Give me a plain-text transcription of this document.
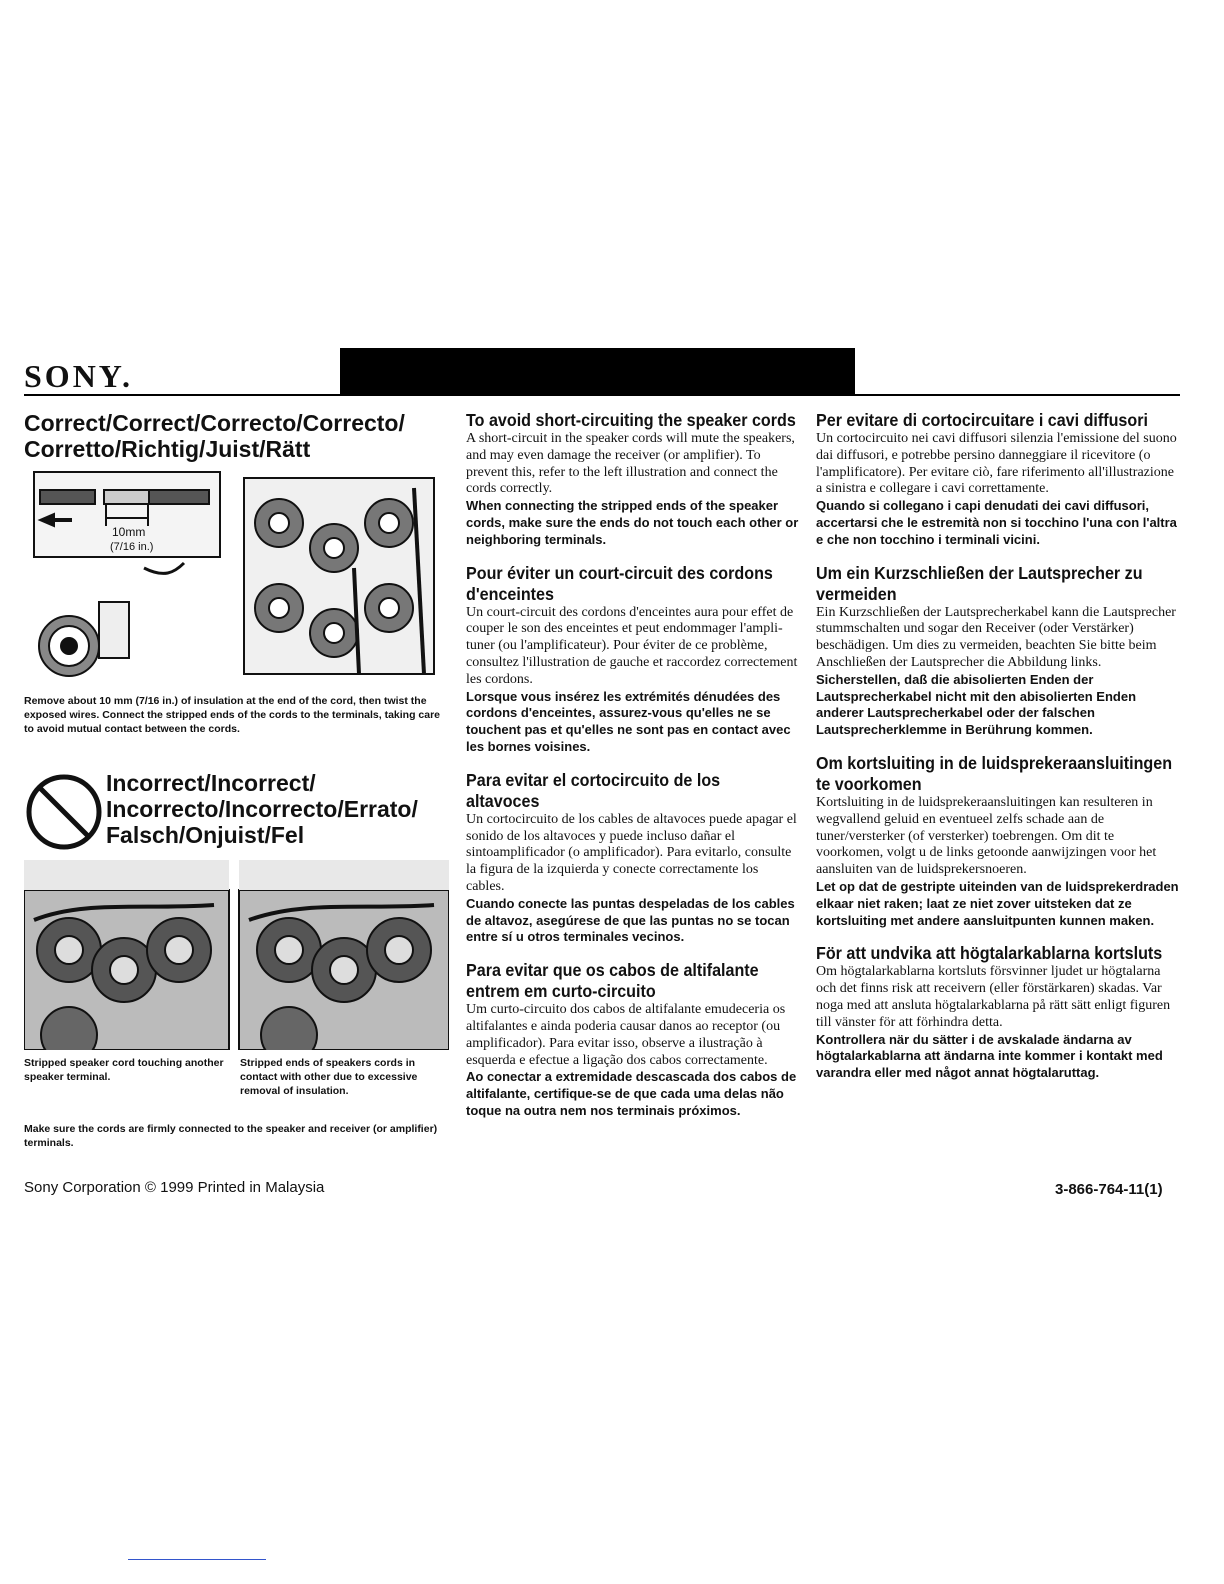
SONY.
Correct/Correct/Correcto/Correcto/ Corretto/Richtig/Juist/Rätt
10mm
(7/16 in.)

Remove about 10 mm (7/16 in.) of insulation at the end of the cord, then twist the exposed wires. Connect the stripped ends of the cords to the terminals, taking care to avoid mutual contact between the cords.

Incorrect/Incorrect/ Incorrecto/Incorrecto/Errato/ Falsch/Onjuist/Fel

Stripped speaker cord touching another speaker terminal.

Stripped ends of speakers cords in contact with other due to excessive removal of insulation.

Make sure the cords are firmly connected to the speaker and receiver (or amplifier) terminals.

To avoid short-circuiting the speaker cords

A short-circuit in the speaker cords will mute the speakers, and may even damage the receiver (or amplifier). To prevent this, refer to the left illustration and connect the cords correctly.

When connecting the stripped ends of the speaker cords, make sure the ends do not touch each other or neighboring terminals.

Pour éviter un court-circuit des cordons d'enceintes

Un court-circuit des cordons d'enceintes aura pour effet de couper le son des enceintes et peut endommager l'ampli-tuner (ou l'amplificateur). Pour éviter de ce problème, consultez l'illustration de gauche et raccordez correctement les cordons.

Lorsque vous insérez les extrémités dénudées des cordons d'enceintes, assurez-vous qu'elles ne se touchent pas et qu'elles ne sont pas en contact avec les bornes voisines.

Para evitar el cortocircuito de los altavoces

Un cortocircuito de los cables de altavoces puede apagar el sonido de los altavoces y puede incluso dañar el sintoamplificador (o amplificador). Para evitarlo, consulte la figura de la izquierda y conecte correctamente los cables.

Cuando conecte las puntas despeladas de los cables de altavoz, asegúrese de que las puntas no se tocan entre sí u otros terminales vecinos.

Para evitar que os cabos de altifalante entrem em curto-circuito

Um curto-circuito dos cabos de altifalante emudeceria os altifalantes e ainda poderia causar danos ao receptor (ou amplificador). Para evitar isso, observe a ilustração à esquerda e efectue a ligação dos cabos correctamente.

Ao conectar a extremidade descascada dos cabos de altifalante, certifique-se de que cada uma delas não toque na outra nem nos terminais próximos.

Per evitare di cortocircuitare i cavi diffusori

Un cortocircuito nei cavi diffusori silenzia l'emissione del suono dai diffusori, e potrebbe persino danneggiare il ricevitore (o l'amplificatore). Per evitare ciò, fare riferimento all'illustrazione a sinistra e collegare i cavi correttamente.

Quando si collegano i capi denudati dei cavi diffusori, accertarsi che le estremità non si tocchino l'una con l'altra e che non tocchino i terminali vicini.

Um ein Kurzschließen der Lautsprecher zu vermeiden

Ein Kurzschließen der Lautsprecherkabel kann die Lautsprecher stummschalten und sogar den Receiver (oder Verstärker) beschädigen. Um dies zu vermeiden, beachten Sie bitte beim Anschließen der Lautsprecher die Abbildung links.

Sicherstellen, daß die abisolierten Enden der Lautsprecherkabel nicht mit den abisolierten Enden anderer Lautsprecherkabel oder der falschen Lautsprecherklemme in Berührung kommen.

Om kortsluiting in de luidsprekeraansluitingen te voorkomen

Kortsluiting in de luidsprekeraansluitingen kan resulteren in wegvallend geluid en eventueel zelfs schade aan de tuner/versterker (of versterker) toebrengen. Om dit te voorkomen, volgt u de links getoonde aanwijzingen voor het aansluiten van de luidsprekersnoeren.

Let op dat de gestripte uiteinden van de luidsprekerdraden elkaar niet raken; laat ze niet zover uitsteken dat ze kortsluiting met andere aansluitpunten kunnen maken.

För att undvika att högtalarkablarna kortsluts

Om högtalarkablarna kortsluts försvinner ljudet ur högtalarna och det finns risk att receivern (eller förstärkaren) skadas. Var noga med att ansluta högtalarkablarna på rätt sätt enligt figuren till vänster för att förhindra detta.

Kontrollera när du sätter i de avskalade ändarna av högtalarkablarna att ändarna inte kommer i kontakt med varandra eller med något annat högtalaruttag.

Sony Corporation © 1999 Printed in Malaysia	3-866-764-11(1)
